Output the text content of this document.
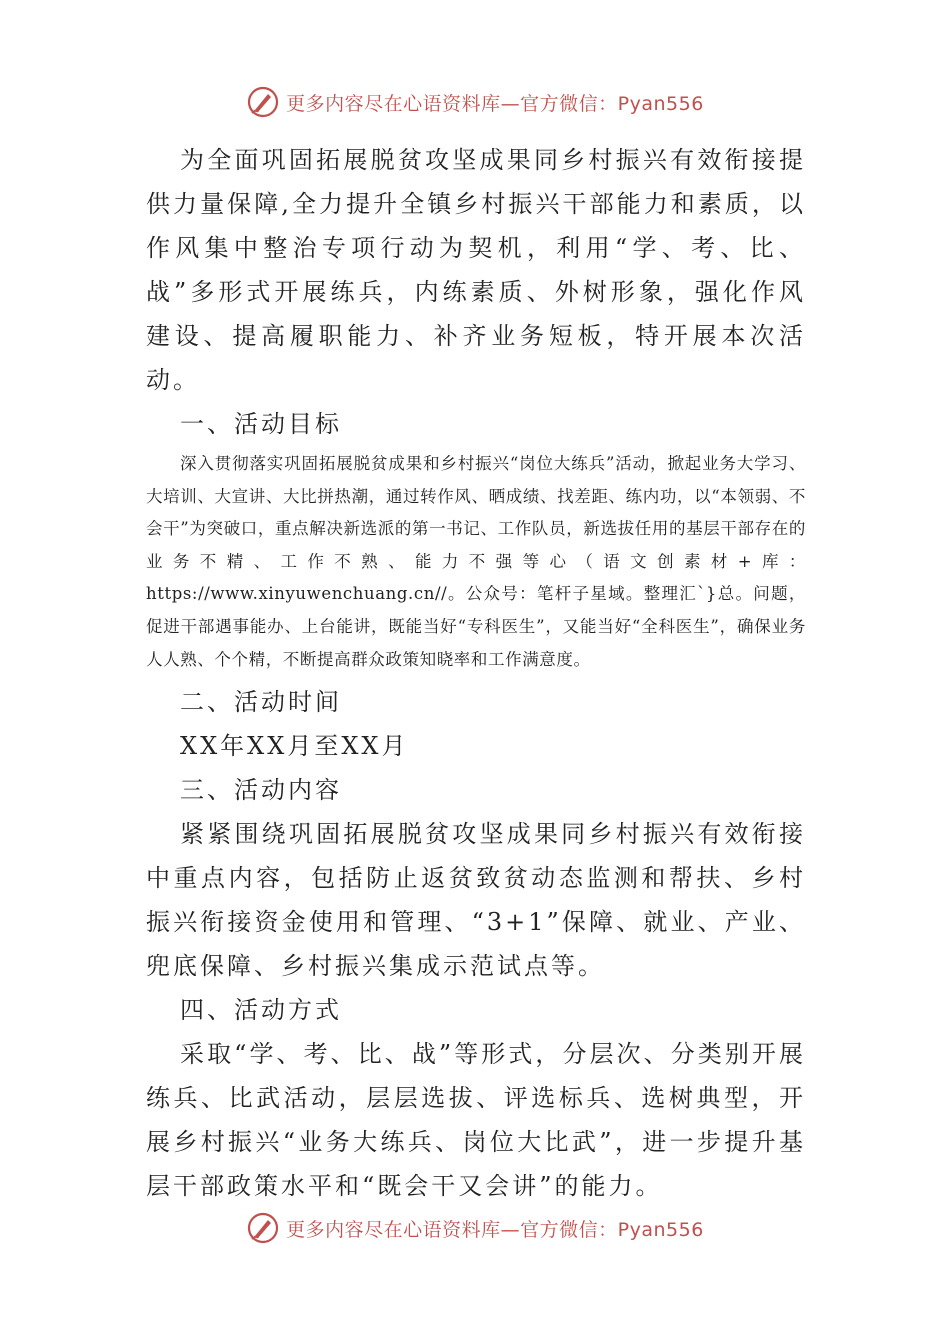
更多内容尽在心语资料库—官方微信：Pyan556

为全面巩固拓展脱贫攻坚成果同乡村振兴有效衔接提供力量保障,全力提升全镇乡村振兴干部能力和素质，以作风集中整治专项行动为契机，利用“学、考、比、战”多形式开展练兵，内练素质、外树形象，强化作风建设、提高履职能力、补齐业务短板，特开展本次活动。

一、活动目标

深入贯彻落实巩固拓展脱贫成果和乡村振兴“岗位大练兵”活动，掀起业务大学习、大培训、大宣讲、大比拼热潮，通过转作风、晒成绩、找差距、练内功，以“本领弱、不会干”为突破口，重点解决新选派的第一书记、工作队员，新选拔任用的基层干部存在的业务不精、工作不熟、能力不强等心（语文创素材+库：https://www.xinyuwenchuang.cn//。公众号：笔杆子星域。整理汇`}总。问题，促进干部遇事能办、上台能讲，既能当好“专科医生”，又能当好“全科医生”，确保业务人人熟、个个精，不断提高群众政策知晓率和工作满意度。

二、活动时间

XX年XX月至XX月

三、活动内容

紧紧围绕巩固拓展脱贫攻坚成果同乡村振兴有效衔接中重点内容，包括防止返贫致贫动态监测和帮扶、乡村振兴衔接资金使用和管理、“3+1”保障、就业、产业、兜底保障、乡村振兴集成示范试点等。

四、活动方式

采取“学、考、比、战”等形式，分层次、分类别开展练兵、比武活动，层层选拔、评选标兵、选树典型，开展乡村振兴“业务大练兵、岗位大比武”，进一步提升基层干部政策水平和“既会干又会讲”的能力。

更多内容尽在心语资料库—官方微信：Pyan556
